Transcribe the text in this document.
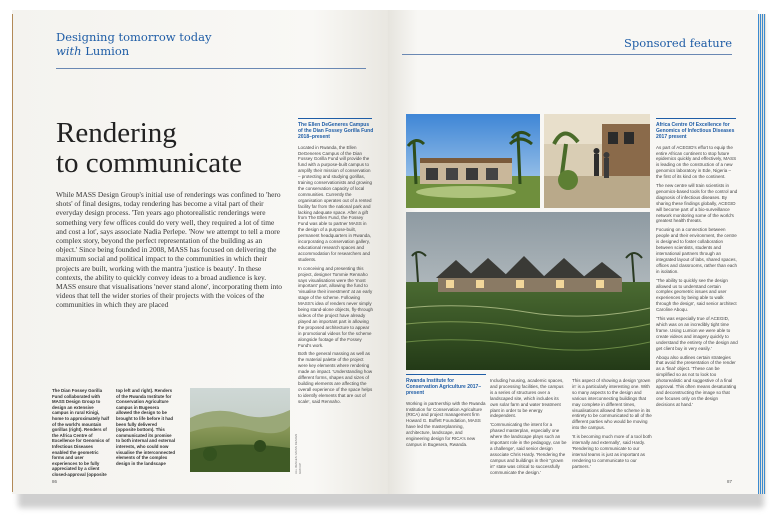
Designing tomorrow today
with Lumion
Rendering
to communicate
While MASS Design Group's initial use of renderings was confined to 'hero shots' of final designs, today rendering has become a vital part of their everyday design process. 'Ten years ago photorealistic renderings were something very few offices could do very well, they required a lot of time and cost a lot', says associate Nadia Perlepe. 'Now we attempt to tell a more complex story, beyond the perfect representation of the building as an object.' Since being founded in 2008, MASS has focused on delivering the maximum social and political impact to the communities in which their projects are built, working with the mantra 'justice is beauty'. In these contexts, the ability to quickly convey ideas to a broad audience is key. MASS ensure that visualisations 'never stand alone', incorporating them into videos that tell the wider stories of their projects with the voices of the communities in which they are placed
The Ellen DeGeneres Campus of the Dian Fossey Gorilla Fund 2018–present

Located in Rwanda, the Ellen DeGeneres Campus of the Dian Fossey Gorilla Fund will provide the fund with a purpose-built campus to amplify their mission of conservation – protecting and studying gorillas, training conservationists and growing the conservation capacity of local communities. Currently the organisation operates out of a rented facility far from the national park and lacking adequate space. After a gift from The Ellen Fund, the Fossey Fund was able to partner MASS in the design of a purpose-built, permanent headquarters in Rwanda, incorporating a conservation gallery, educational research spaces and accommodation for researchers and students.

In conceiving and presenting this project, designer Tommie Rennaho says visualisations were the 'most important' part, allowing the fund to 'visualise their investment' at an early stage of the scheme. Following MASS's idea of renders never simply being stand-alone objects, fly-through videos of the project have already played an important part in allowing the proposed architecture to appear in promotional videos for the scheme alongside footage of the Fossey Fund's work.

Both the general massing as well as the material palette of the project were key elements where rendering made an impact. 'Understanding how different forms, shapes and sizes of building elements are affecting the overall experience of the space helps to identify elements that are out of scale', said Rennaho.

The Dian Fossey Gorilla Fund collaborated with MASS Design Group to design an extensive campus in rural Kinigi, home to approximately half of the world's mountain gorillas (right). Renders of the Africa Centre of Excellence for Genomics of Infectious Diseases enabled the geometric forms and user experiences to be fully appreciated by a client closed-approval (opposite
top left and right). Renders of the Rwanda Institute for Conservation Agriculture campus in Bugesera allowed the design to be brought to life before it had been fully delivered (opposite bottom). This communicated its promise to both internal and external interests, who could now visualise the interconnected elements of the complex design in the landscape	ALL IMAGES: MASS DESIGN GROUP
86
Sponsored feature
Africa Centre Of Excellence for Genomics of Infectious Diseases 2017 present

As part of ACEGID's effort to equip the entire African continent to stop future epidemics quickly and effectively, MASS is leading on the construction of a new genomics laboratory in Ede, Nigeria – the first of its kind on the continent.

The new centre will train scientists in genomics-based tools for the control and diagnosis of infectious diseases. By sharing these findings globally, ACEGID will become part of a bio-surveillance network monitoring some of the world's greatest health threats.

Focusing on a connection between people and their environment, the centre is designed to foster collaboration between scientists, students and international partners through an integrated layout of labs, shared spaces, offices and classrooms, rather than each in isolation.

'The ability to quickly see the design allowed us to understand certain complex geometric issues and user experiences by being able to walk through the design', said senior architect Caroline Aboqu.

'This was especially true of ACEGID, which was on an incredibly tight time frame. Using Lumion we were able to create videos and imagery quickly to understand the entirety of the design and get client buy in very easily.'

Aboqu also outlines certain strategies that avoid the presentation of the render as a 'final' object. 'These can be simplified so as not to look too photorealistic and suggestive of a final approval. This often means desaturating and deconstructing the image so that one focuses only on the design decisions at hand.'

Rwanda Institute for Conservation Agriculture 2017–present

Working in partnership with the Rwanda Institution for Conservation Agriculture (RICA) and project management firm Howard G. Buffett Foundation, MASS have led the masterplanning, architecture, landscape, and engineering design for RICA's new campus in Bugesera, Rwanda.

Including housing, academic spaces, and processing facilities, the campus is a series of structures over a landscaped site, which includes its own solar farm and water treatment plant in order to be energy independent.

'Communicating the intent for a phased masterplan, especially one where the landscape plays such an important role in the pedagogy, can be a challenge', said senior design associate Chris Hardy. 'Rendering the campus and buildings in their "grown in" state was critical to successfully communicate the design.'

This aspect of showing a design 'grown in' is a particularly interesting one. With so many aspects to the design and various interconnecting buildings that may complete in different times, visualisations allowed the scheme in its entirety to be communicated to all of the different parties who would be moving into the campus.

'It is becoming much more of a tool both internally and externally', said Hardy. 'Rendering to communicate to our internal teams is just as important as rendering to communicate to our partners.'

87
